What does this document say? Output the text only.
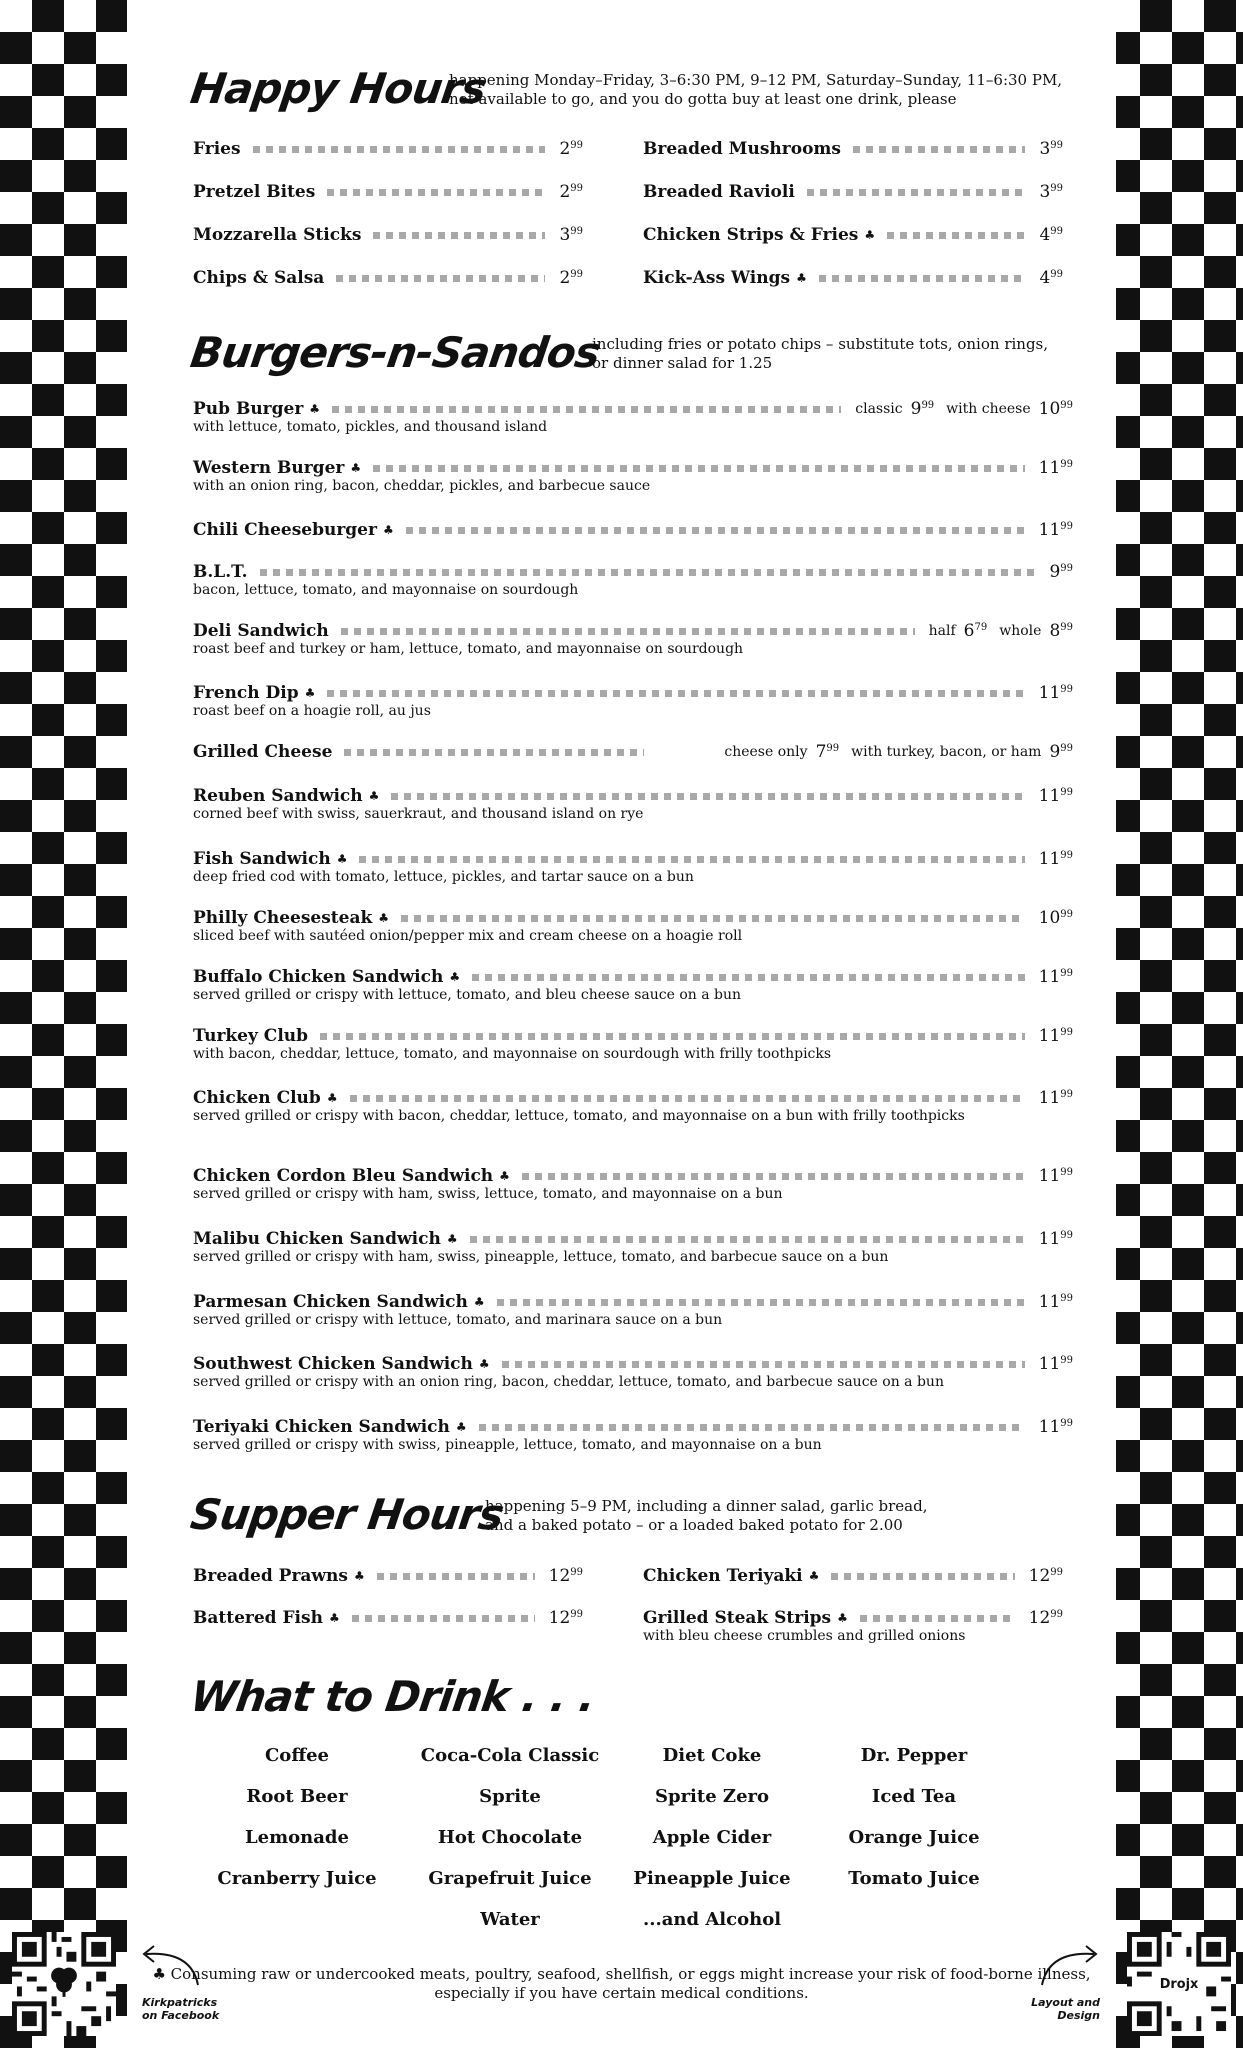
Happy Hours
happening Monday–Friday, 3–6:30 PM, 9–12 PM, Saturday–Sunday, 11–6:30 PM, not available to go, and you do gotta buy at least one drink, please
Fries	$2^{99}$	Breaded Mushrooms	$3^{99}$
Pretzel Bites	$2^{99}$	Breaded Ravioli	$3^{99}$
Mozzarella Sticks	$3^{99}$	Chicken Strips & Fries ♣	$4^{99}$
Chips & Salsa	$2^{99}$	Kick-Ass Wings ♣	$4^{99}$
Burgers-n-Sandos
including fries or potato chips – substitute tots, onion rings, or dinner salad for 1.25
Pub Burger ♣	classic $9^{99}$ with cheese $10^{99}$
with lettuce, tomato, pickles, and thousand island
Western Burger ♣	$11^{99}$
with an onion ring, bacon, cheddar, pickles, and barbecue sauce
Chili Cheeseburger ♣	$11^{99}$
B.L.T.	$9^{99}$
bacon, lettuce, tomato, and mayonnaise on sourdough
Deli Sandwich	half $6^{79}$ whole $8^{99}$
roast beef and turkey or ham, lettuce, tomato, and mayonnaise on sourdough
French Dip ♣	$11^{99}$
roast beef on a hoagie roll, au jus
Grilled Cheese	cheese only $7^{99}$ with turkey, bacon, or ham $9^{99}$
Reuben Sandwich ♣	$11^{99}$
corned beef with swiss, sauerkraut, and thousand island on rye
Fish Sandwich ♣	$11^{99}$
deep fried cod with tomato, lettuce, pickles, and tartar sauce on a bun
Philly Cheesesteak ♣	$10^{99}$
sliced beef with sautéed onion/pepper mix and cream cheese on a hoagie roll
Buffalo Chicken Sandwich ♣	$11^{99}$
served grilled or crispy with lettuce, tomato, and bleu cheese sauce on a bun
Turkey Club	$11^{99}$
with bacon, cheddar, lettuce, tomato, and mayonnaise on sourdough with frilly toothpicks
Chicken Club ♣	$11^{99}$
served grilled or crispy with bacon, cheddar, lettuce, tomato, and mayonnaise on a bun with frilly toothpicks
Chicken Cordon Bleu Sandwich ♣	$11^{99}$
served grilled or crispy with ham, swiss, lettuce, tomato, and mayonnaise on a bun
Malibu Chicken Sandwich ♣	$11^{99}$
served grilled or crispy with ham, swiss, pineapple, lettuce, tomato, and barbecue sauce on a bun
Parmesan Chicken Sandwich ♣	$11^{99}$
served grilled or crispy with lettuce, tomato, and marinara sauce on a bun
Southwest Chicken Sandwich ♣	$11^{99}$
served grilled or crispy with an onion ring, bacon, cheddar, lettuce, tomato, and barbecue sauce on a bun
Teriyaki Chicken Sandwich ♣	$11^{99}$
served grilled or crispy with swiss, pineapple, lettuce, tomato, and mayonnaise on a bun
Supper Hours
happening 5–9 PM, including a dinner salad, garlic bread, and a baked potato – or a loaded baked potato for 2.00
Breaded Prawns ♣	$12^{99}$	Chicken Teriyaki ♣	$12^{99}$
Battered Fish ♣	$12^{99}$	Grilled Steak Strips ♣	$12^{99}$
with bleu cheese crumbles and grilled onions
What to Drink . . .
Coffee	Coca-Cola Classic	Diet Coke	Dr. Pepper
Root Beer	Sprite	Sprite Zero	Iced Tea
Lemonade	Hot Chocolate	Apple Cider	Orange Juice
Cranberry Juice	Grapefruit Juice	Pineapple Juice	Tomato Juice
Water	...and Alcohol
Kirkpatricks on Facebook
♣ Consuming raw or undercooked meats, poultry, seafood, shellfish, or eggs might increase your risk of food-borne illness, especially if you have certain medical conditions.
Layout and Design
Drojx
